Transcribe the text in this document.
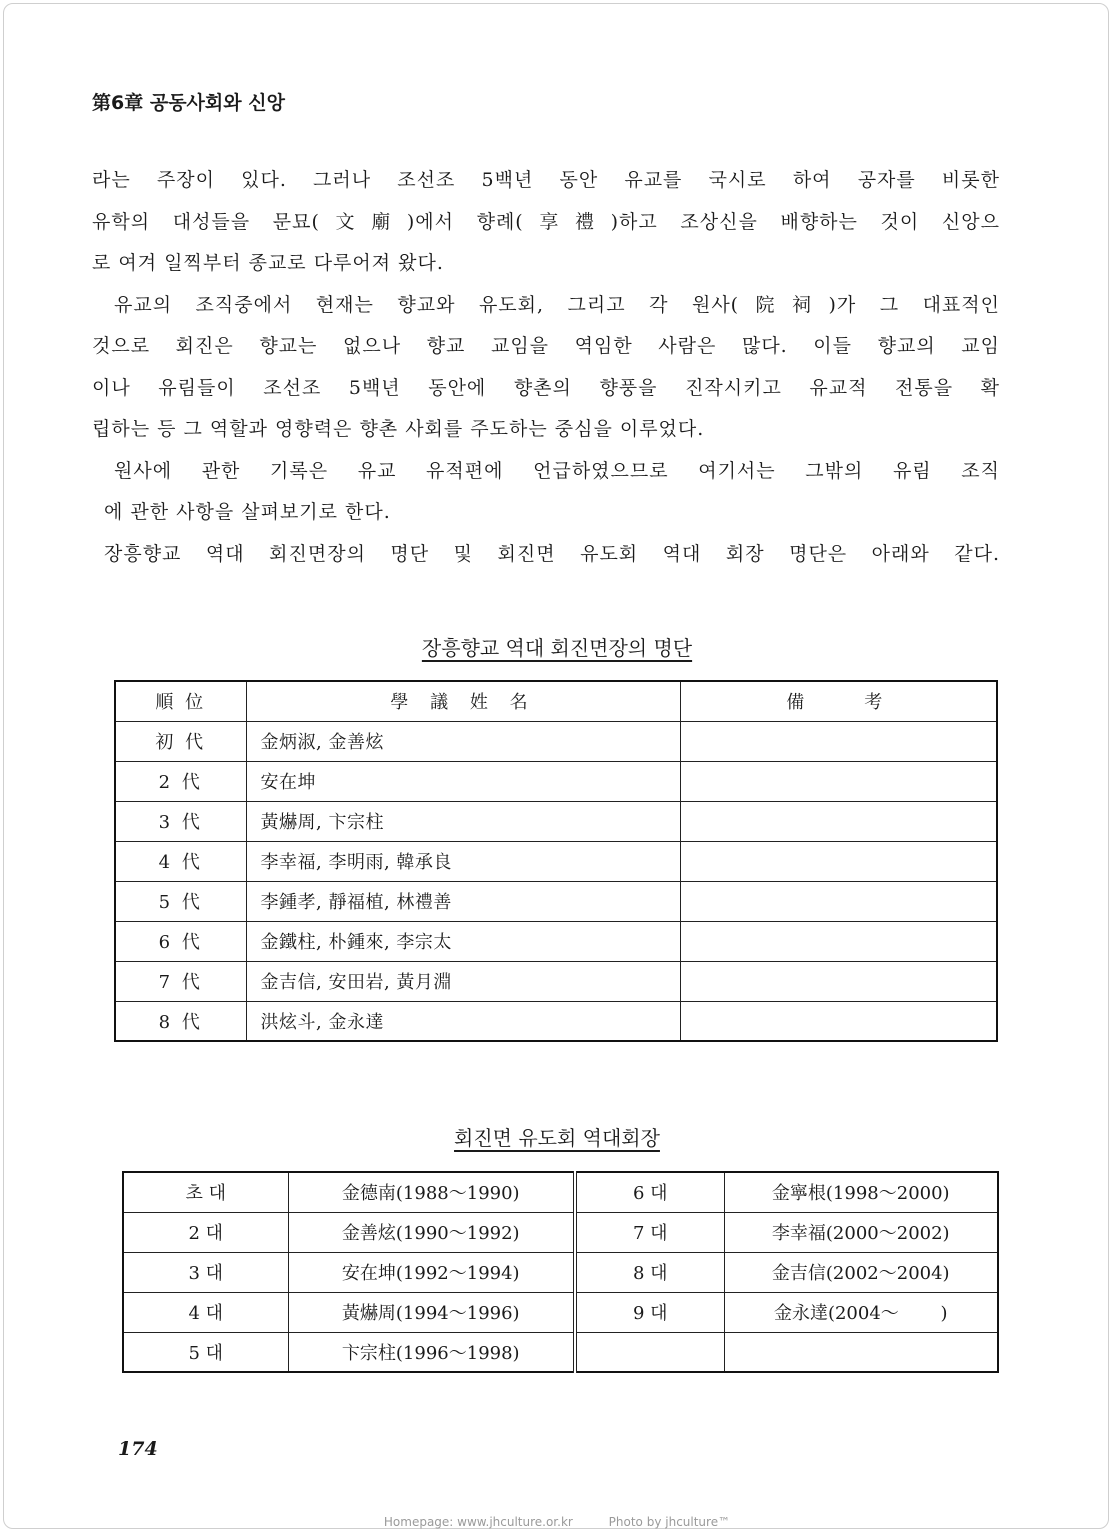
第6章 공동사회와 신앙

라는 주장이 있다. 그러나 조선조 5백년 동안 유교를 국시로 하여 공자를 비롯한

유학의 대성들을 문묘(文廟)에서 향례(享禮)하고 조상신을 배향하는 것이 신앙으

로 여겨 일찍부터 종교로 다루어져 왔다.

유교의 조직중에서 현재는 향교와 유도회, 그리고 각 원사(院祠)가 그 대표적인

것으로 회진은 향교는 없으나 향교 교임을 역임한 사람은 많다. 이들 향교의 교임

이나 유림들이 조선조 5백년 동안에 향촌의 향풍을 진작시키고 유교적 전통을 확

립하는 등 그 역할과 영향력은 향촌 사회를 주도하는 중심을 이루었다.

원사에 관한 기록은 유교 유적편에 언급하였으므로 여기서는 그밖의 유림 조직

에 관한 사항을 살펴보기로 한다.

장흥향교 역대 회진면장의 명단 및 회진면 유도회 역대 회장 명단은 아래와 같다.

장흥향교 역대 회진면장의 명단
順 位	學 議 姓 名	備　　考
初 代	金炳淑, 金善炫	
2 代	安在坤	
3 代	黃爀周, 卞宗柱	
4 代	李幸福, 李明雨, 韓承良	
5 代	李鍾孝, 靜福植, 林禮善	
6 代	金鐵柱, 朴鍾來, 李宗太	
7 代	金吉信, 安田岩, 黃月淵	
8 代	洪炫斗, 金永達	
회진면 유도회 역대회장
초 대	金德南(1988～1990)	6 대	金寧根(1998～2000)
2 대	金善炫(1990～1992)	7 대	李幸福(2000～2002)
3 대	安在坤(1992～1994)	8 대	金吉信(2002～2004)
4 대	黃爀周(1994～1996)	9 대	金永達(2004～　　 )
5 대	卞宗柱(1996～1998)		
174
Homepage: www.jhculture.or.kr	Photo by jhculture™
